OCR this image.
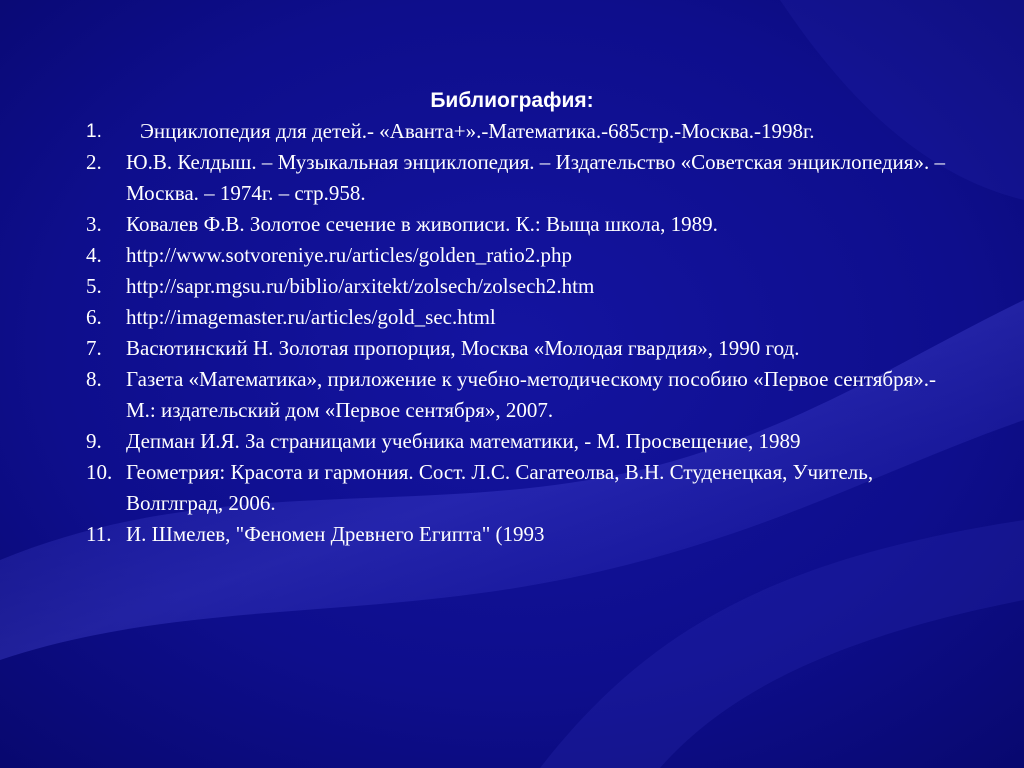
Библиография:
1. Энциклопедия для детей.- «Аванта+».-Математика.-685стр.-Москва.-1998г.
2. Ю.В. Келдыш. – Музыкальная энциклопедия. – Издательство «Советская энциклопедия». – Москва. – 1974г. – стр.958.
3. Ковалев Ф.В. Золотое сечение в живописи. К.: Выща школа, 1989.
4. http://www.sotvoreniye.ru/articles/golden_ratio2.php
5. http://sapr.mgsu.ru/biblio/arxitekt/zolsech/zolsech2.htm
6. http://imagemaster.ru/articles/gold_sec.html
7. Васютинский Н. Золотая пропорция, Москва «Молодая гвардия», 1990 год.
8. Газета «Математика», приложение к учебно-методическому пособию «Первое сентября».-М.: издательский дом «Первое сентября», 2007.
9. Депман И.Я. За страницами учебника математики, - М. Просвещение, 1989
10. Геометрия: Красота и гармония. Сост. Л.С. Сагатеолва, В.Н. Студенецкая, Учитель, Волглград, 2006.
11. И. Шмелев, "Феномен Древнего Египта" (1993
